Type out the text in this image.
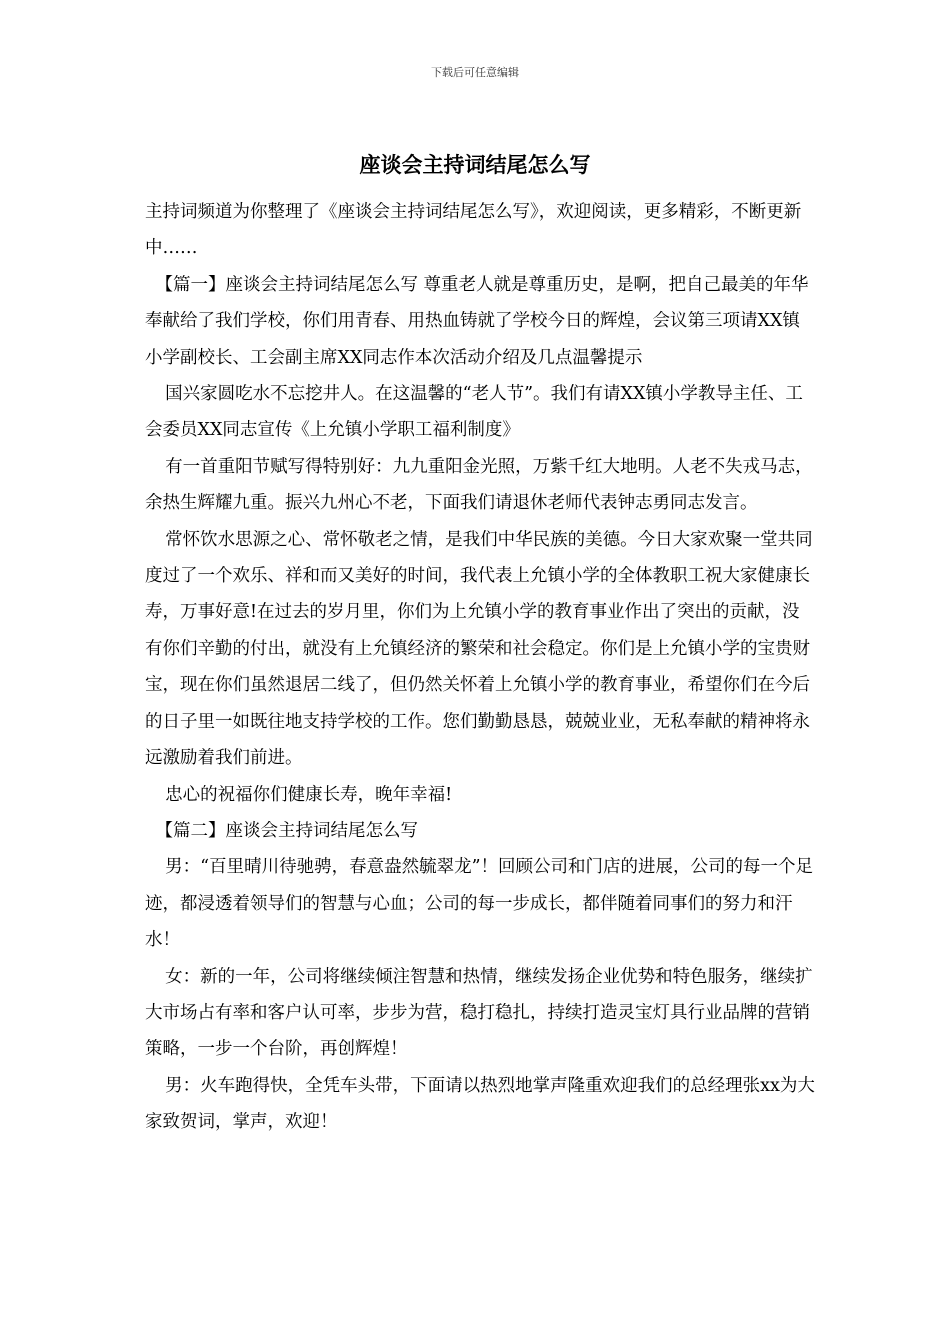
下载后可任意编辑
座谈会主持词结尾怎么写

主持词频道为你整理了《座谈会主持词结尾怎么写》，欢迎阅读，更多精彩，不断更新中……

【篇一】座谈会主持词结尾怎么写 尊重老人就是尊重历史，是啊，把自己最美的年华奉献给了我们学校，你们用青春、用热血铸就了学校今日的辉煌，会议第三项请XX镇小学副校长、工会副主席XX同志作本次活动介绍及几点温馨提示

国兴家圆吃水不忘挖井人。在这温馨的“老人节”。我们有请XX镇小学教导主任、工会委员XX同志宣传《上允镇小学职工福利制度》

有一首重阳节赋写得特别好：九九重阳金光照，万紫千红大地明。人老不失戎马志，余热生辉耀九重。振兴九州心不老，下面我们请退休老师代表钟志勇同志发言。

常怀饮水思源之心、常怀敬老之情，是我们中华民族的美德。今日大家欢聚一堂共同度过了一个欢乐、祥和而又美好的时间，我代表上允镇小学的全体教职工祝大家健康长寿，万事好意!在过去的岁月里，你们为上允镇小学的教育事业作出了突出的贡献，没有你们辛勤的付出，就没有上允镇经济的繁荣和社会稳定。你们是上允镇小学的宝贵财宝，现在你们虽然退居二线了，但仍然关怀着上允镇小学的教育事业，希望你们在今后的日子里一如既往地支持学校的工作。您们勤勤恳恳，兢兢业业，无私奉献的精神将永远激励着我们前进。

忠心的祝福你们健康长寿，晚年幸福!

【篇二】座谈会主持词结尾怎么写

男：“百里晴川待驰骋，春意盎然毓翠龙”！回顾公司和门店的进展，公司的每一个足迹，都浸透着领导们的智慧与心血；公司的每一步成长，都伴随着同事们的努力和汗水！

女：新的一年，公司将继续倾注智慧和热情，继续发扬企业优势和特色服务，继续扩大市场占有率和客户认可率，步步为营，稳打稳扎，持续打造灵宝灯具行业品牌的营销策略，一步一个台阶，再创辉煌！

男：火车跑得快，全凭车头带，下面请以热烈地掌声隆重欢迎我们的总经理张xx为大家致贺词，掌声，欢迎！
